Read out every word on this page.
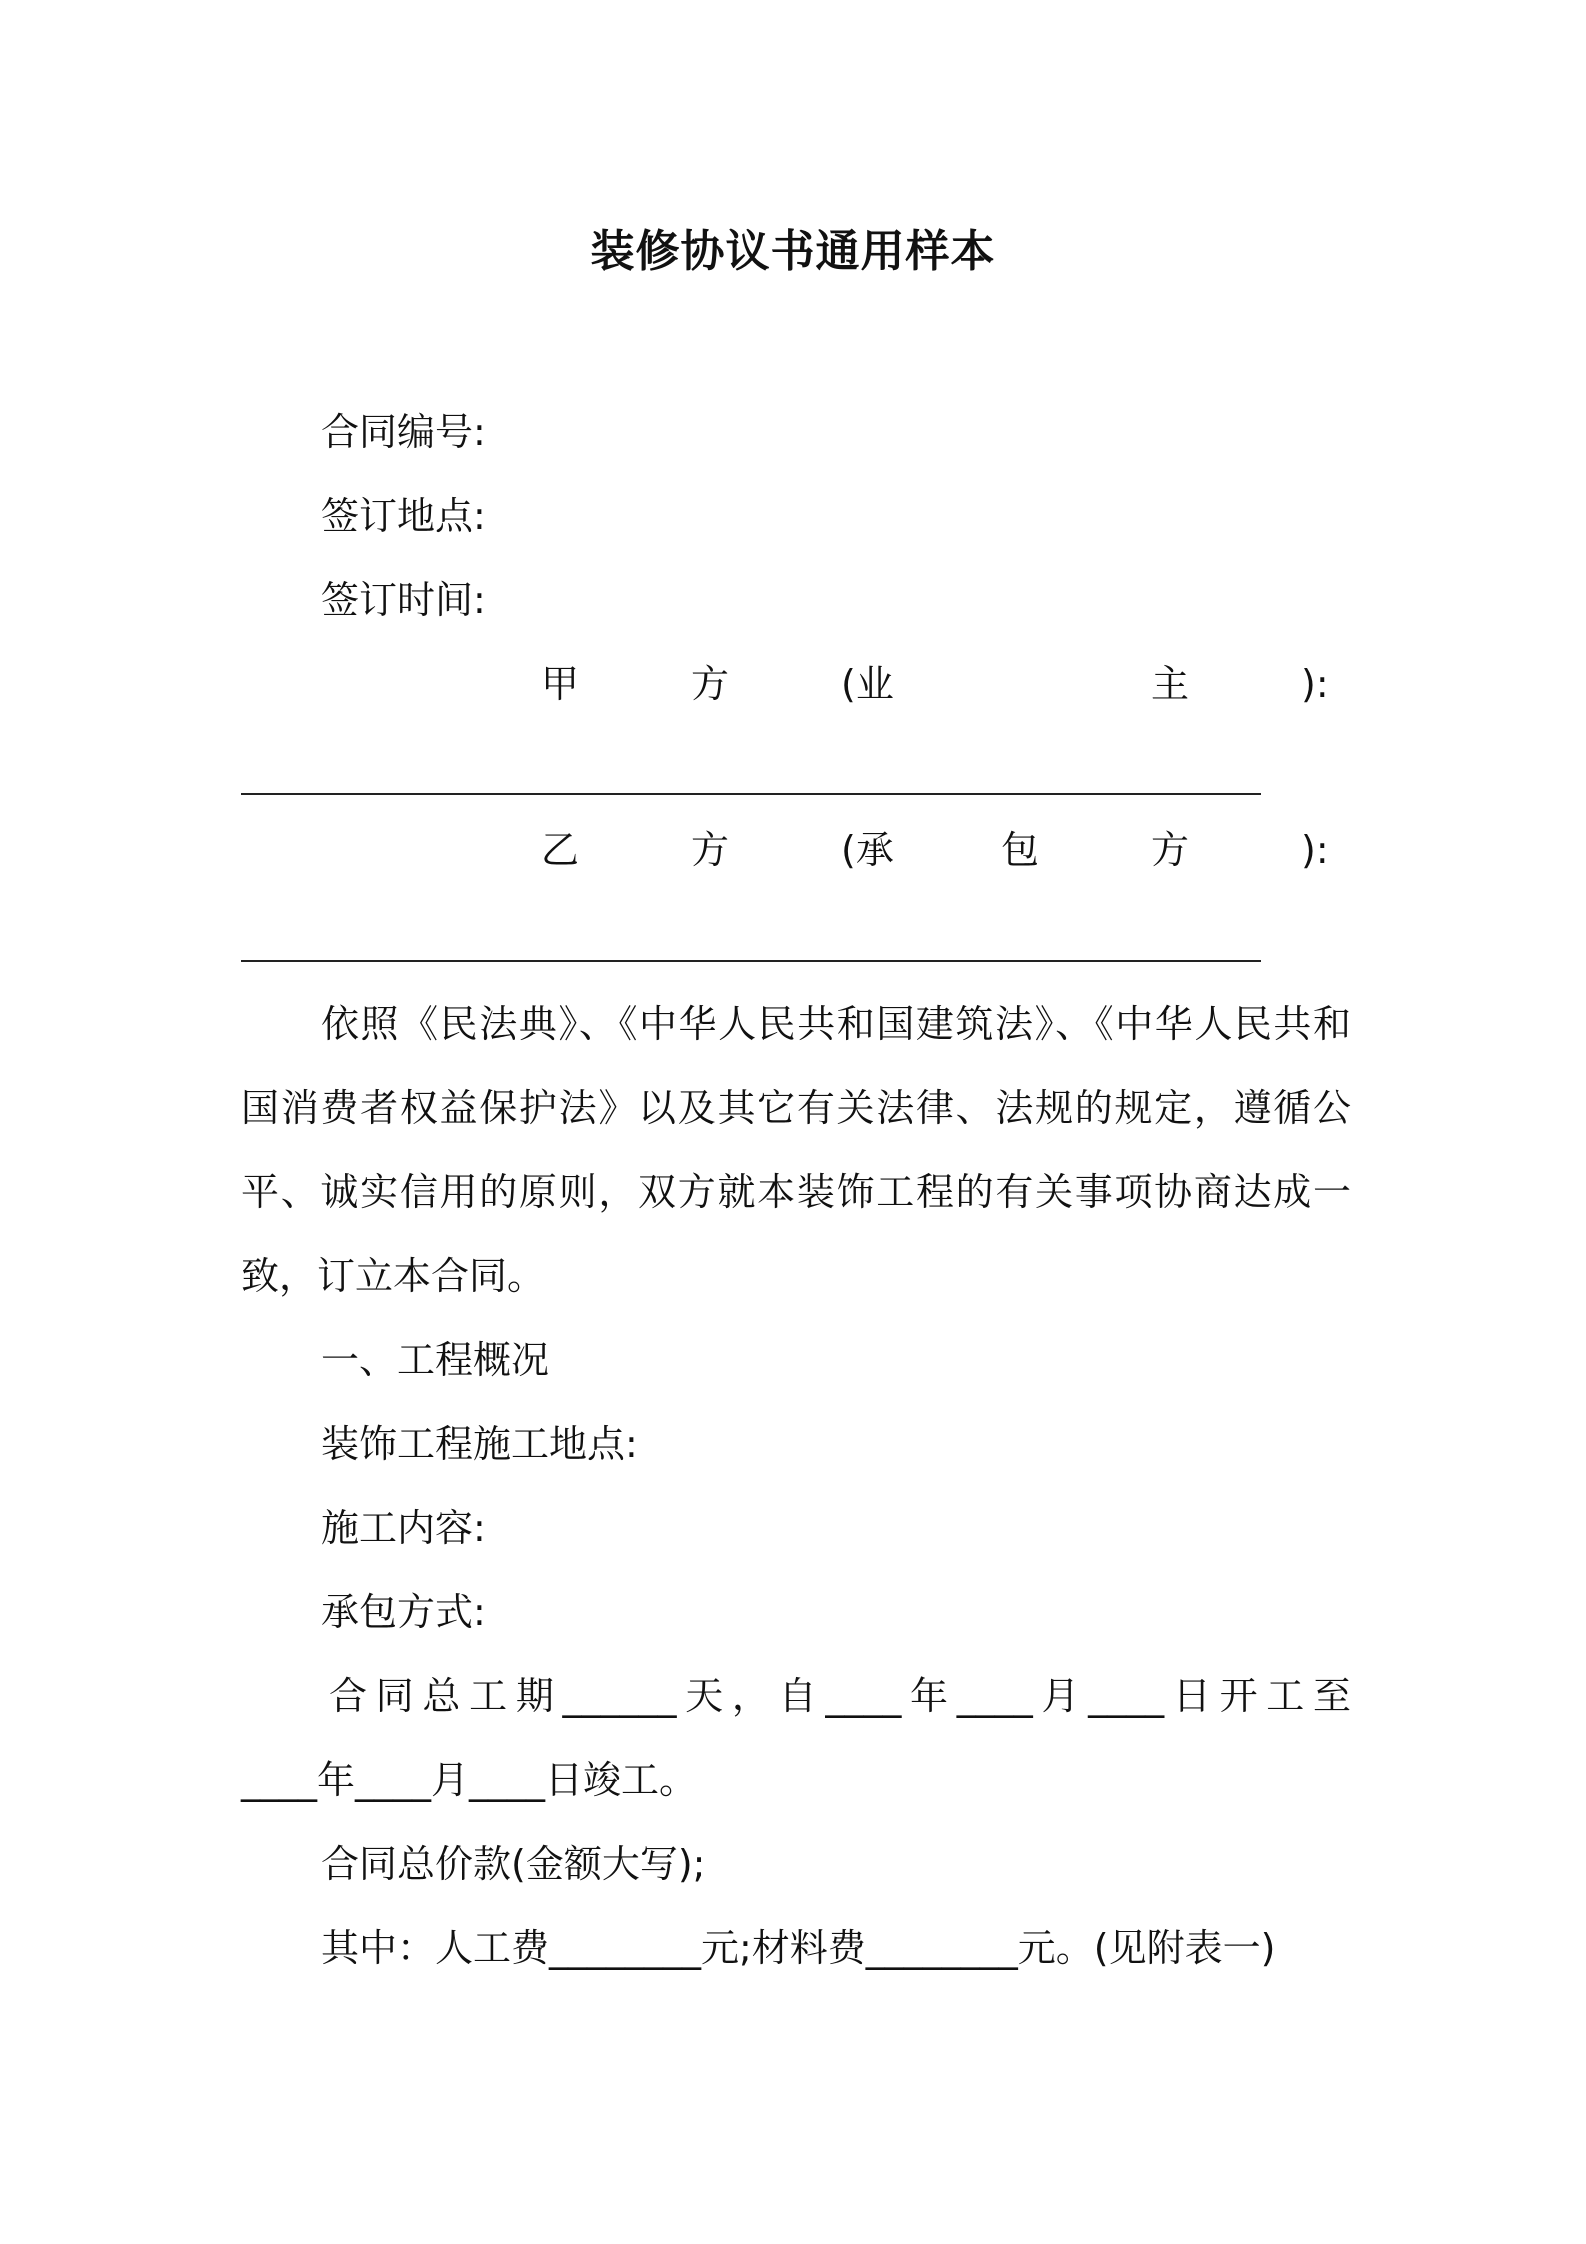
装修协议书通用样本
合同编号:
签订地点:
签订时间:
甲	方	(业	主	):
乙	方	(承	包	方	):
依照《民法典》、《中华人民共和国建筑法》、《中华人民共和
国消费者权益保护法》以及其它有关法律、法规的规定，遵循公
平、诚实信用的原则，双方就本装饰工程的有关事项协商达成一
致，订立本合同。
一、工程概况
装饰工程施工地点:
施工内容:
承包方式:
合同总工期______天，自____年____月____日开工至
____年____月____日竣工。
合同总价款(金额大写);
其中：人工费________元;材料费________元。(见附表一)
